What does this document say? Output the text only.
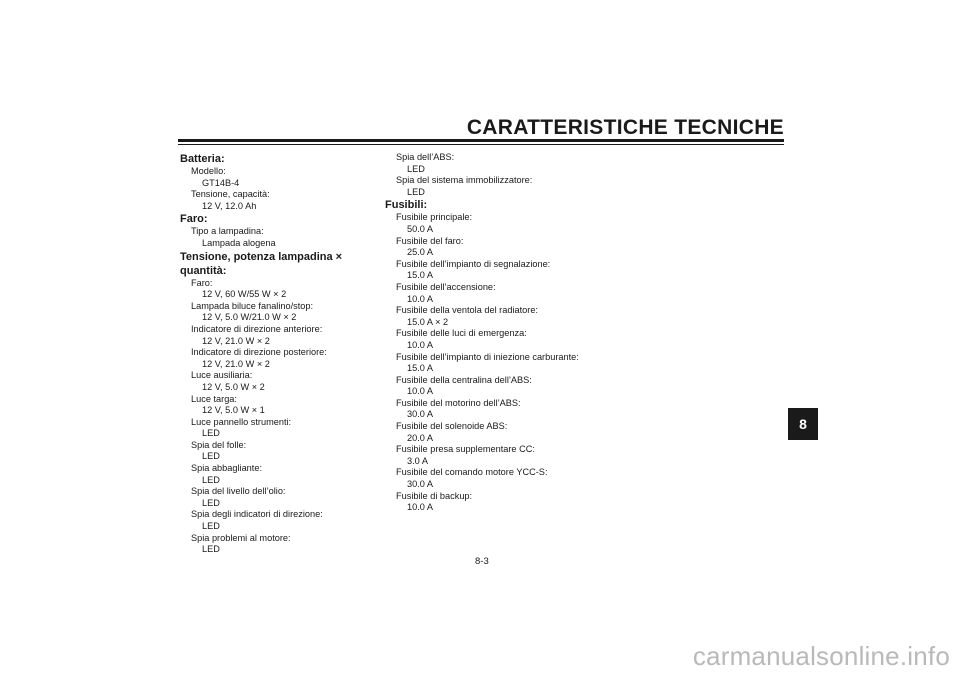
CARATTERISTICHE TECNICHE
Batteria:
Modello:
GT14B-4
Tensione, capacità:
12 V, 12.0 Ah
Faro:
Tipo a lampadina:
Lampada alogena
Tensione, potenza lampadina × quantità:
Faro:
12 V, 60 W/55 W × 2
Lampada biluce fanalino/stop:
12 V, 5.0 W/21.0 W × 2
Indicatore di direzione anteriore:
12 V, 21.0 W × 2
Indicatore di direzione posteriore:
12 V, 21.0 W × 2
Luce ausiliaria:
12 V, 5.0 W × 2
Luce targa:
12 V, 5.0 W × 1
Luce pannello strumenti:
LED
Spia del folle:
LED
Spia abbagliante:
LED
Spia del livello dell’olio:
LED
Spia degli indicatori di direzione:
LED
Spia problemi al motore:
LED
Spia dell’ABS:
LED
Spia del sistema immobilizzatore:
LED
Fusibili:
Fusibile principale:
50.0 A
Fusibile del faro:
25.0 A
Fusibile dell’impianto di segnalazione:
15.0 A
Fusibile dell’accensione:
10.0 A
Fusibile della ventola del radiatore:
15.0 A × 2
Fusibile delle luci di emergenza:
10.0 A
Fusibile dell’impianto di iniezione carburante:
15.0 A
Fusibile della centralina dell’ABS:
10.0 A
Fusibile del motorino dell’ABS:
30.0 A
Fusibile del solenoide ABS:
20.0 A
Fusibile presa supplementare CC:
3.0 A
Fusibile del comando motore YCC-S:
30.0 A
Fusibile di backup:
10.0 A
8
8-3
carmanualsonline.info
